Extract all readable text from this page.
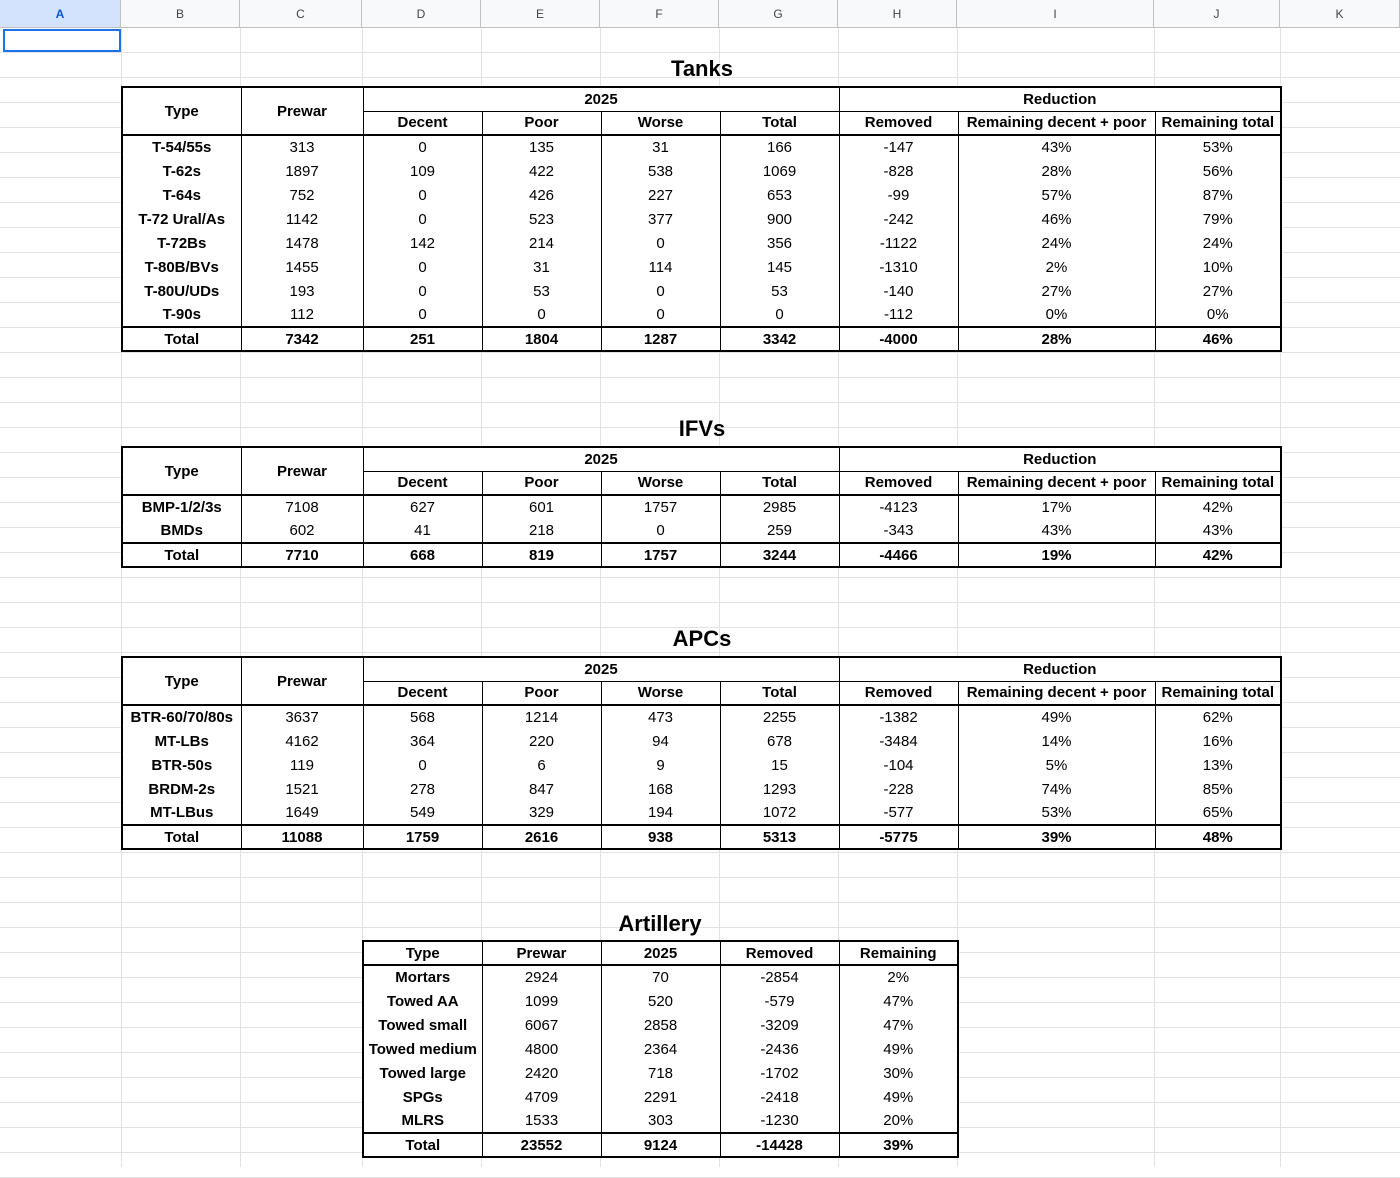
A	B	C	D	E	F	G	H	I	J	K
Tanks
Type	Prewar	2025				Reduction		
		Decent	Poor	Worse	Total	Removed	Remaining decent + poor	Remaining total
T-54/55s	313	0	135	31	166	-147	43%	53%
T-62s	1897	109	422	538	1069	-828	28%	56%
T-64s	752	0	426	227	653	-99	57%	87%
T-72 Ural/As	1142	0	523	377	900	-242	46%	79%
T-72Bs	1478	142	214	0	356	-1122	24%	24%
T-80B/BVs	1455	0	31	114	145	-1310	2%	10%
T-80U/UDs	193	0	53	0	53	-140	27%	27%
T-90s	112	0	0	0	0	-112	0%	0%
Total	7342	251	1804	1287	3342	-4000	28%	46%
IFVs
Type	Prewar	2025				Reduction		
		Decent	Poor	Worse	Total	Removed	Remaining decent + poor	Remaining total
BMP-1/2/3s	7108	627	601	1757	2985	-4123	17%	42%
BMDs	602	41	218	0	259	-343	43%	43%
Total	7710	668	819	1757	3244	-4466	19%	42%
APCs
Type	Prewar	2025				Reduction		
		Decent	Poor	Worse	Total	Removed	Remaining decent + poor	Remaining total
BTR-60/70/80s	3637	568	1214	473	2255	-1382	49%	62%
MT-LBs	4162	364	220	94	678	-3484	14%	16%
BTR-50s	119	0	6	9	15	-104	5%	13%
BRDM-2s	1521	278	847	168	1293	-228	74%	85%
MT-LBus	1649	549	329	194	1072	-577	53%	65%
Total	11088	1759	2616	938	5313	-5775	39%	48%
Artillery
Type	Prewar	2025	Removed	Remaining
Mortars	2924	70	-2854	2%
Towed AA	1099	520	-579	47%
Towed small	6067	2858	-3209	47%
Towed medium	4800	2364	-2436	49%
Towed large	2420	718	-1702	30%
SPGs	4709	2291	-2418	49%
MLRS	1533	303	-1230	20%
Total	23552	9124	-14428	39%
